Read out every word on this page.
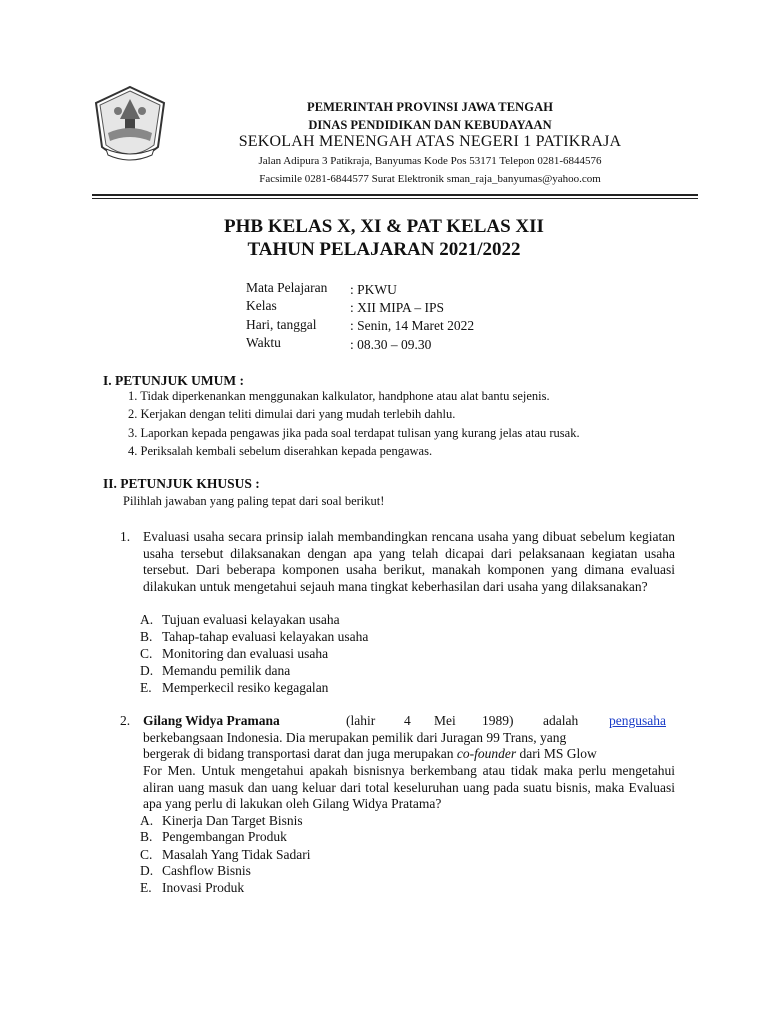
PEMERINTAH PROVINSI JAWA TENGAH
DINAS PENDIDIKAN DAN KEBUDAYAAN
SEKOLAH MENENGAH ATAS NEGERI 1 PATIKRAJA
Jalan Adipura 3 Patikraja, Banyumas Kode Pos 53171 Telepon 0281-6844576
Facsimile 0281-6844577 Surat Elektronik sman_raja_banyumas@yahoo.com
PHB KELAS X, XI & PAT KELAS XII
TAHUN PELAJARAN 2021/2022
Mata Pelajaran : PKWU
Kelas	: XII MIPA – IPS
Hari, tanggal : Senin, 14 Maret 2022
Waktu	: 08.30 – 09.30
I. PETUNJUK UMUM :
1. Tidak diperkenankan menggunakan kalkulator, handphone atau alat bantu sejenis.
2. Kerjakan dengan teliti dimulai dari yang mudah terlebih dahlu.
3. Laporkan kepada pengawas jika pada soal terdapat tulisan yang kurang jelas atau rusak.
4. Periksalah kembali sebelum diserahkan kepada pengawas.
II. PETUNJUK KHUSUS :
Pilihlah jawaban yang paling tepat dari soal berikut!
1. Evaluasi usaha secara prinsip ialah membandingkan rencana usaha yang dibuat sebelum kegiatan usaha tersebut dilaksanakan dengan apa yang telah dicapai dari pelaksanaan kegiatan usaha tersebut. Dari beberapa komponen usaha berikut, manakah komponen yang dimana evaluasi dilakukan untuk mengetahui sejauh mana tingkat keberhasilan dari usaha yang dilaksanakan?
A. Tujuan evaluasi kelayakan usaha
B. Tahap-tahap evaluasi kelayakan usaha
C. Monitoring dan evaluasi usaha
D. Memandu pemilik dana
E. Memperkecil resiko kegagalan
2. Gilang Widya Pramana	(lahir 4 Mei 1989) adalah pengusaha
berkebangsaan Indonesia. Dia merupakan pemilik dari Juragan 99 Trans, yang
bergerak di bidang transportasi darat dan juga merupakan co-founder dari MS Glow
For Men. Untuk mengetahui apakah bisnisnya berkembang atau tidak maka perlu mengetahui aliran uang masuk dan uang keluar dari total keseluruhan uang pada suatu bisnis, maka Evaluasi apa yang perlu di lakukan oleh Gilang Widya Pratama?
A. Kinerja Dan Target Bisnis
B. Pengembangan Produk
C. Masalah Yang Tidak Sadari
D. Cashflow Bisnis
E. Inovasi Produk
